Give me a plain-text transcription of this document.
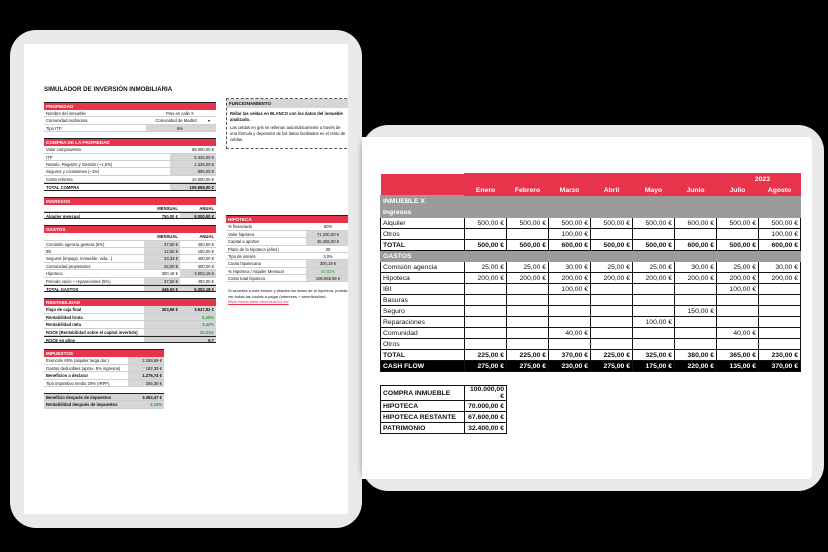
SIMULADOR DE INVERSIÓN INMOBILIARIA
PROPIEDAD
Nombre del inmueble	Piso en calle X
Comunidad Autónoma	Comunidad de Madrid	▾
Tipo ITP	6%
COMPRA DE LA PROPIEDAD
Valor compraventa	89.000,00 €
ITP	5.340,00 €
Notario, Registro y Gestión (~1,5%)	1.335,00 €
Seguros y comisiones (~1%)	890,00 €
Costo reforma	10.000,00 €
TOTAL COMPRA	106.565,00 €
INGRESOS
MENSUAL	ANUAL
Alquiler mensual	750,00 €	9.000,00 €
GASTOS
MENSUAL	ANUAL
Comisión agencia gestora (5%)	37,50 €	450,00 €
IBI	12,50 €	150,00 €
Seguros (impago, inmueble, vida...)	33,33 €	400,00 €
Comunidad propietarios	25,00 €	300,00 €
Hipoteca	300,18 €	3.602,18 €
Periodo vacío + reparaciones (5%)	37,50 €	450,00 €
TOTAL GASTOS	446,02 €	5.352,18 €
RENTABILIDAD
Flujo de caja final	303,98 €	3.647,82 €
Rentabilidad bruta	8,45%
Rentabilidad neta	3,42%
ROCE (Rentabilidad sobre el capital invertido)	10,31%
ROCE en años	9,7
IMPUESTOS
Exención 60% (alquiler larga dur.)	2.188,69 €
Gastos deducibles (aprox. 5% ingresos)	182,39 €
Beneficios a declarar	1.276,74 €
Tipo impositivo medio 20% (IRPF)	255,35 €
Beneficio después de impuestos	3.392,47 €
Rentabilidad después de impuestos	3,18%
FUNCIONAMIENTO

Rellar las celdas en BLANCO con los datos del inmueble analizado.

Las celdas en gris se rellenan automáticamente a través de una fórmula y dependen de los datos facilitados en el resto de celdas.

HIPOTECA
% financiado	80%
Valor hipoteca	71.200,00 €
Capital a aportar	35.365,00 €
Plazo de la hipoteca (años)	30
Tipo de interés	3,0%
Cuota hipotecaria	300,18 €
% Hipoteca / Alquiler Mensual	40,02%
Costo total hipoteca	108.065,55 €
Si accedes a este enlace y añades los datos de la hipoteca, podrás ver todas las cuotas a pagar (intereses + amortización):
https://www.tabla-amortizacion.es/
	2023							
	Enero	Febrero	Marzo	Abril	Mayo	Junio	Julio	Agosto
INMUEBLE X								
Ingresos								
Alquiler	500,00 €	500,00 €	500,00 €	500,00 €	500,00 €	600,00 €	500,00 €	500,00 €
Otros			100,00 €					100,00 €
TOTAL	500,00 €	500,00 €	600,00 €	500,00 €	500,00 €	600,00 €	500,00 €	600,00 €
GASTOS								
Comisión agencia	25,00 €	25,00 €	30,00 €	25,00 €	25,00 €	30,00 €	25,00 €	30,00 €
Hipoteca	200,00 €	200,00 €	200,00 €	200,00 €	200,00 €	200,00 €	200,00 €	200,00 €
IBI			100,00 €				100,00 €	
Basuras								
Seguro						150,00 €		
Reparaciones					100,00 €			
Comunidad			40,00 €				40,00 €	
Otros								
TOTAL	225,00 €	225,00 €	370,00 €	225,00 €	325,00 €	380,00 €	365,00 €	230,00 €
CASH FLOW	275,00 €	275,00 €	230,00 €	275,00 €	175,00 €	220,00 €	135,00 €	370,00 €
COMPRA INMUEBLE	100.000,00 €
HIPOTECA	70.000,00 €
HIPOTECA RESTANTE	67.600,00 €
PATRIMONIO	32.400,00 €
